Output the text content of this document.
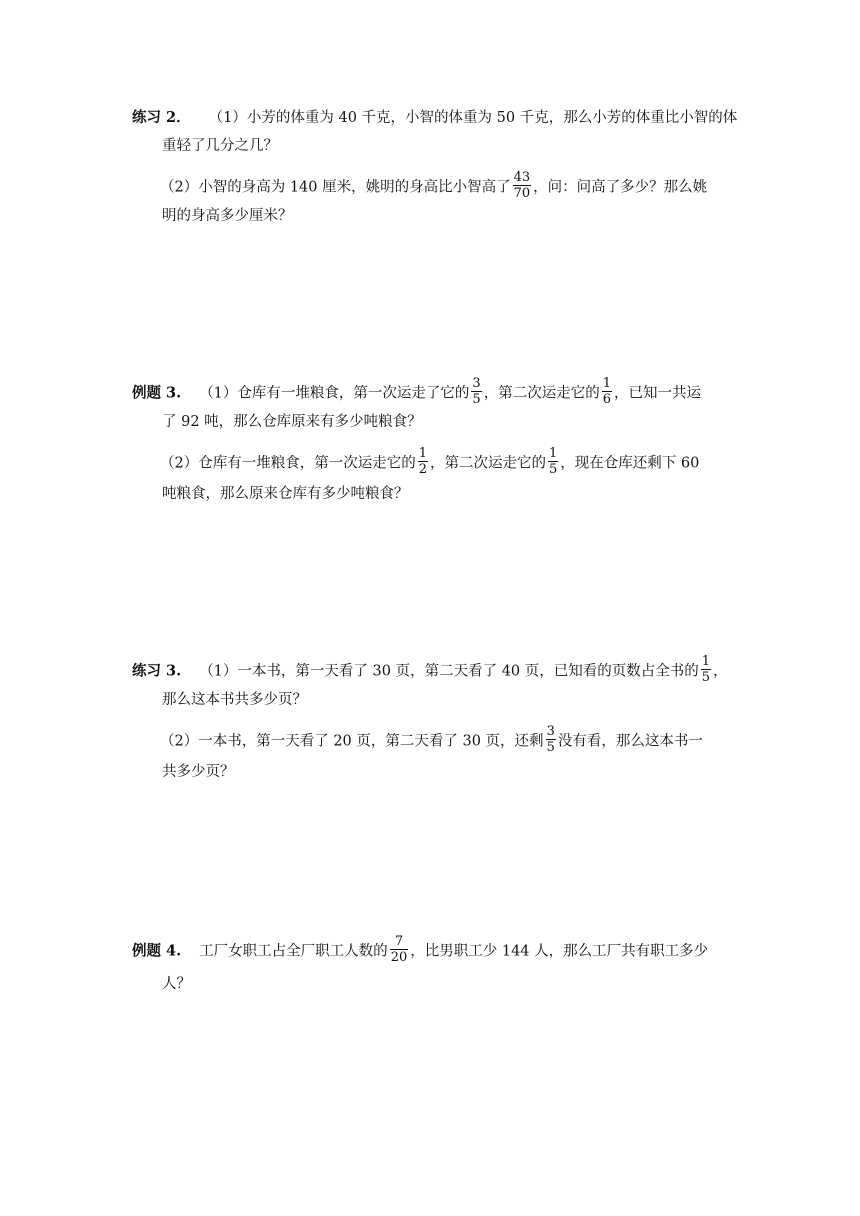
练习 2． （1）小芳的体重为 40 千克，小智的体重为 50 千克，那么小芳的体重比小智的体
重轻了几分之几？
（2）小智的身高为 140 厘米，姚明的身高比小智高了 $\frac{43}{70}$ ，问：问高了多少？那么姚
明的身高多少厘米？
例题 3. （1）仓库有一堆粮食，第一次运走了它的 $\frac{3}{5}$ ，第二次运走它的 $\frac{1}{6}$ ，已知一共运
了 92 吨，那么仓库原来有多少吨粮食？
（2）仓库有一堆粮食，第一次运走它的 $\frac{1}{2}$ ，第二次运走它的 $\frac{1}{5}$ ，现在仓库还剩下 60
吨粮食，那么原来仓库有多少吨粮食？
练习 3. （1）一本书，第一天看了 30 页，第二天看了 40 页，已知看的页数占全书的 $\frac{1}{5}$ ，
那么这本书共多少页？
（2）一本书，第一天看了 20 页，第二天看了 30 页，还剩 $\frac{3}{5}$ 没有看，那么这本书一
共多少页？
例题 4. 工厂女职工占全厂职工人数的 $\frac{7}{20}$ ，比男职工少 144 人，那么工厂共有职工多少
人？
